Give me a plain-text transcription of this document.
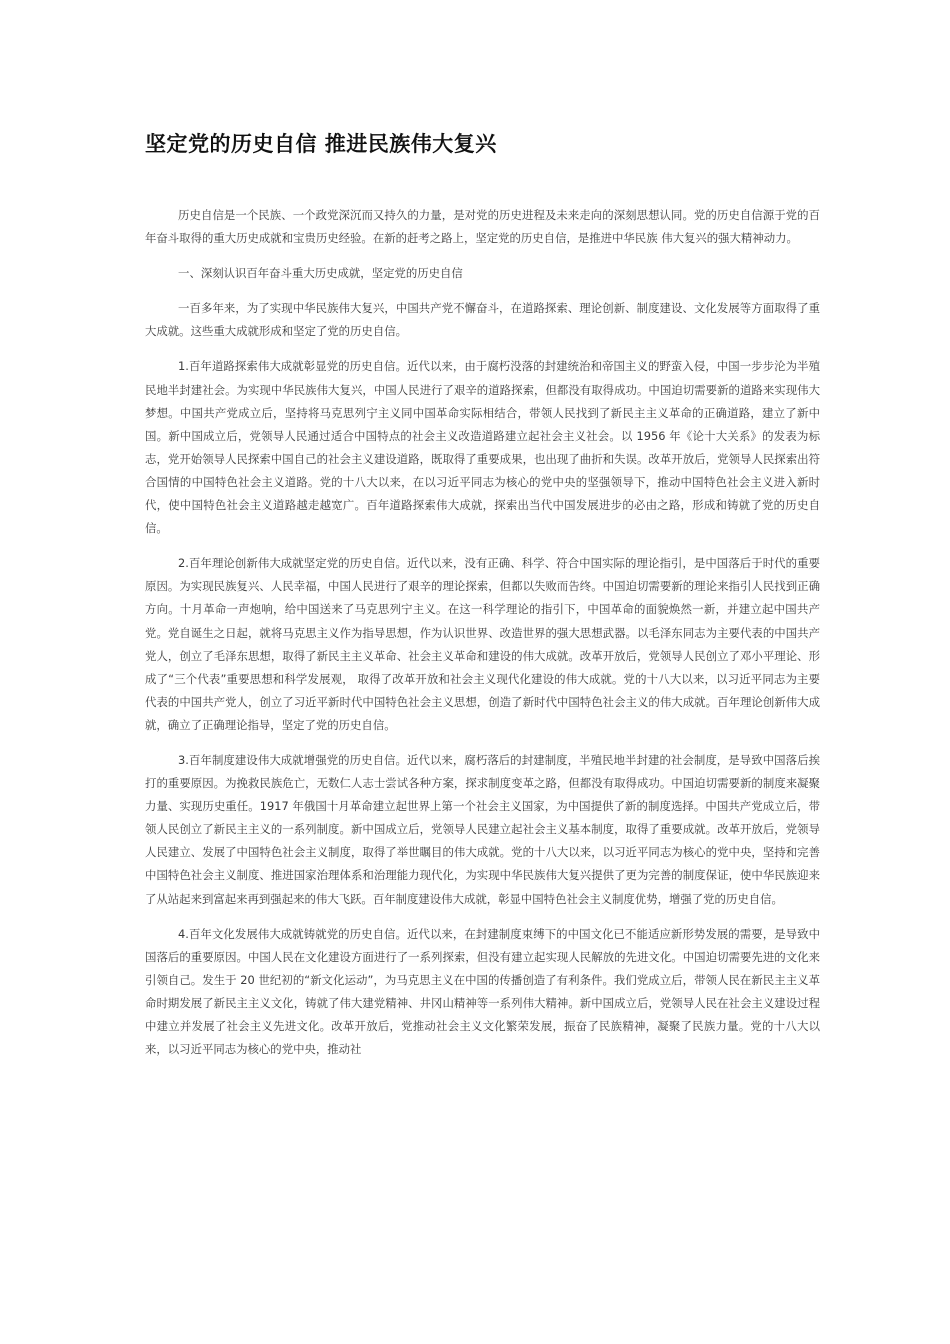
坚定党的历史自信 推进民族伟大复兴

历史自信是一个民族、一个政党深沉而又持久的力量，是对党的历史进程及未来走向的深刻思想认同。党的历史自信源于党的百年奋斗取得的重大历史成就和宝贵历史经验。在新的赶考之路上，坚定党的历史自信，是推进中华民族 伟大复兴的强大精神动力。

一、深刻认识百年奋斗重大历史成就，坚定党的历史自信

一百多年来，为了实现中华民族伟大复兴，中国共产党不懈奋斗，在道路探索、理论创新、制度建设、文化发展等方面取得了重大成就。这些重大成就形成和坚定了党的历史自信。

1.百年道路探索伟大成就彰显党的历史自信。近代以来，由于腐朽没落的封建统治和帝国主义的野蛮入侵，中国一步步沦为半殖民地半封建社会。为实现中华民族伟大复兴，中国人民进行了艰辛的道路探索，但都没有取得成功。中国迫切需要新的道路来实现伟大梦想。中国共产党成立后，坚持将马克思列宁主义同中国革命实际相结合，带领人民找到了新民主主义革命的正确道路，建立了新中国。新中国成立后，党领导人民通过适合中国特点的社会主义改造道路建立起社会主义社会。以 1956 年《论十大关系》的发表为标志，党开始领导人民探索中国自己的社会主义建设道路，既取得了重要成果，也出现了曲折和失误。改革开放后，党领导人民探索出符合国情的中国特色社会主义道路。党的十八大以来，在以习近平同志为核心的党中央的坚强领导下，推动中国特色社会主义进入新时代，使中国特色社会主义道路越走越宽广。百年道路探索伟大成就，探索出当代中国发展进步的必由之路，形成和铸就了党的历史自信。

2.百年理论创新伟大成就坚定党的历史自信。近代以来，没有正确、科学、符合中国实际的理论指引，是中国落后于时代的重要原因。为实现民族复兴、人民幸福，中国人民进行了艰辛的理论探索，但都以失败而告终。中国迫切需要新的理论来指引人民找到正确方向。十月革命一声炮响，给中国送来了马克思列宁主义。在这一科学理论的指引下，中国革命的面貌焕然一新，并建立起中国共产党。党自诞生之日起，就将马克思主义作为指导思想，作为认识世界、改造世界的强大思想武器。以毛泽东同志为主要代表的中国共产党人，创立了毛泽东思想，取得了新民主主义革命、社会主义革命和建设的伟大成就。改革开放后，党领导人民创立了邓小平理论、形成了“三个代表”重要思想和科学发展观， 取得了改革开放和社会主义现代化建设的伟大成就。党的十八大以来，以习近平同志为主要代表的中国共产党人，创立了习近平新时代中国特色社会主义思想，创造了新时代中国特色社会主义的伟大成就。百年理论创新伟大成就，确立了正确理论指导，坚定了党的历史自信。

3.百年制度建设伟大成就增强党的历史自信。近代以来，腐朽落后的封建制度，半殖民地半封建的社会制度，是导致中国落后挨打的重要原因。为挽救民族危亡，无数仁人志士尝试各种方案，探求制度变革之路，但都没有取得成功。中国迫切需要新的制度来凝聚力量、实现历史重任。1917 年俄国十月革命建立起世界上第一个社会主义国家，为中国提供了新的制度选择。中国共产党成立后，带领人民创立了新民主主义的一系列制度。新中国成立后，党领导人民建立起社会主义基本制度，取得了重要成就。改革开放后，党领导人民建立、发展了中国特色社会主义制度，取得了举世瞩目的伟大成就。党的十八大以来，以习近平同志为核心的党中央，坚持和完善中国特色社会主义制度、推进国家治理体系和治理能力现代化，为实现中华民族伟大复兴提供了更为完善的制度保证，使中华民族迎来了从站起来到富起来再到强起来的伟大飞跃。百年制度建设伟大成就，彰显中国特色社会主义制度优势，增强了党的历史自信。

4.百年文化发展伟大成就铸就党的历史自信。近代以来，在封建制度束缚下的中国文化已不能适应新形势发展的需要，是导致中国落后的重要原因。中国人民在文化建设方面进行了一系列探索，但没有建立起实现人民解放的先进文化。中国迫切需要先进的文化来引领自己。发生于 20 世纪初的“新文化运动”，为马克思主义在中国的传播创造了有利条件。我们党成立后，带领人民在新民主主义革命时期发展了新民主主义文化，铸就了伟大建党精神、井冈山精神等一系列伟大精神。新中国成立后，党领导人民在社会主义建设过程中建立并发展了社会主义先进文化。改革开放后，党推动社会主义文化繁荣发展，振奋了民族精神，凝聚了民族力量。党的十八大以来，以习近平同志为核心的党中央，推动社
